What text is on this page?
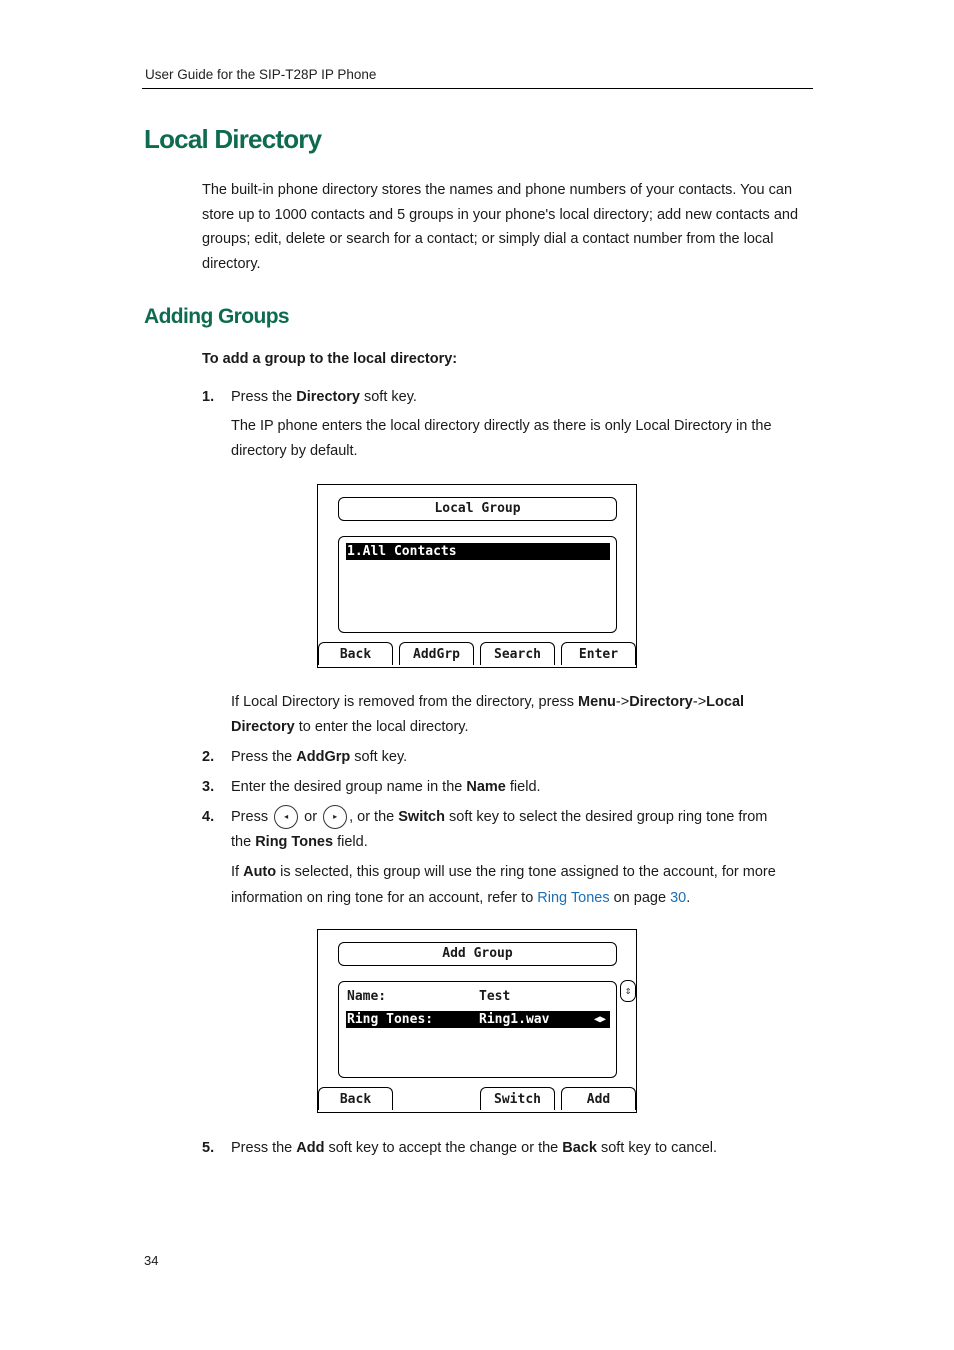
User Guide for the SIP-T28P IP Phone
Local Directory
The built-in phone directory stores the names and phone numbers of your contacts. You can store up to 1000 contacts and 5 groups in your phone's local directory; add new contacts and groups; edit, delete or search for a contact; or simply dial a contact number from the local directory.
Adding Groups
To add a group to the local directory:
1. Press the Directory soft key.
The IP phone enters the local directory directly as there is only Local Directory in the directory by default.
Local Group
1.All Contacts
Back	AddGrp	Search	Enter
If Local Directory is removed from the directory, press Menu->Directory->Local
Directory to enter the local directory.
2. Press the AddGrp soft key.
3. Enter the desired group name in the Name field.
4. Press ◂ or ▸ , or the Switch soft key to select the desired group ring tone from
the Ring Tones field.
If Auto is selected, this group will use the ring tone assigned to the account, for more
information on ring tone for an account, refer to Ring Tones on page 30.
Add Group
Name:	Test
Ring Tones:	Ring1.wav	◀▶
⇕
Back	Switch	Add
5. Press the Add soft key to accept the change or the Back soft key to cancel.
34
